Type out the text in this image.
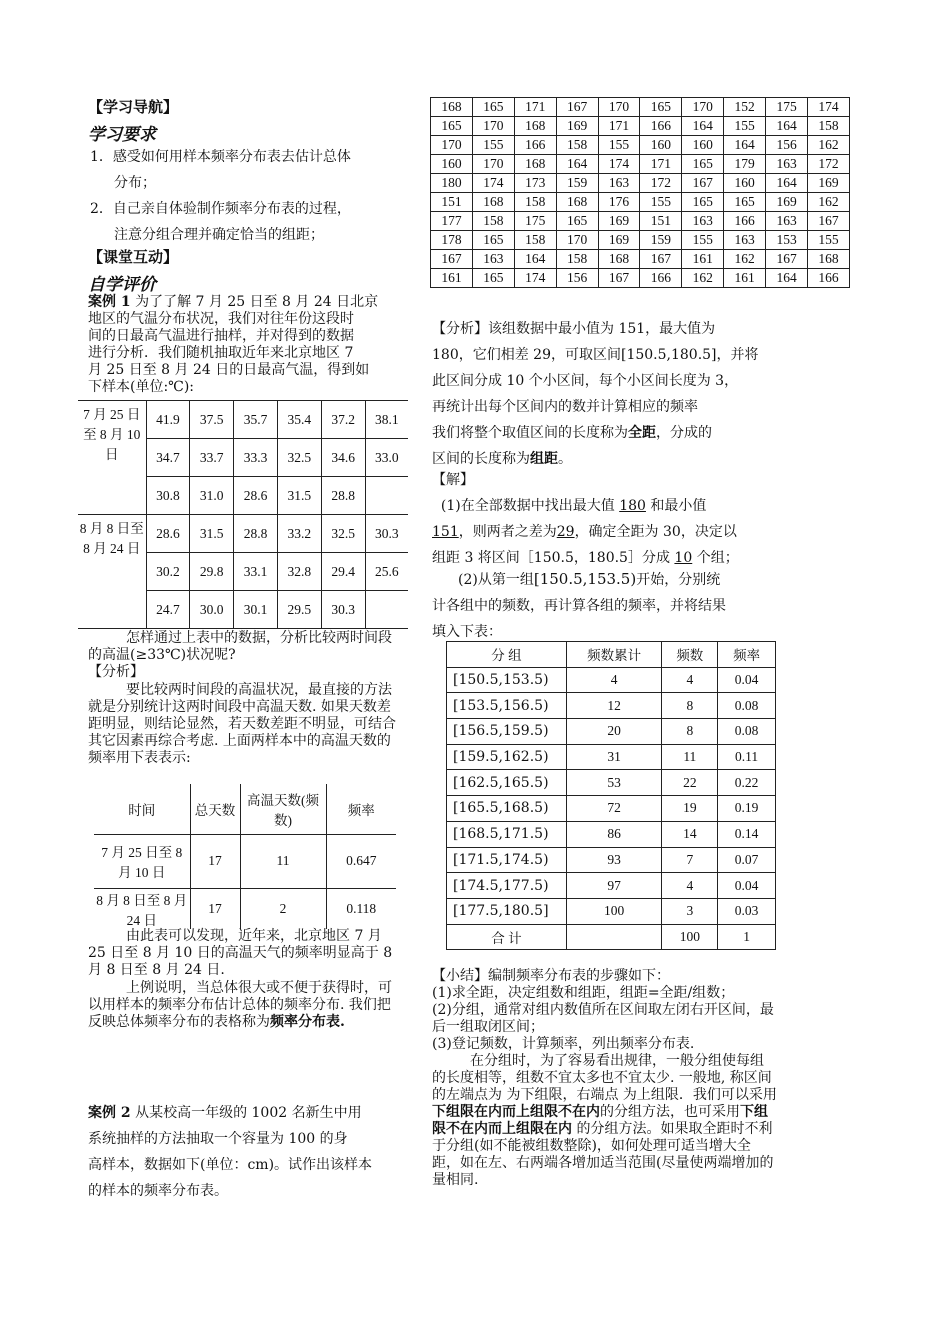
【学习导航】
学习要求
1．感受如何用样本频率分布表去估计总体
分布；
2．自己亲自体验制作频率分布表的过程，
注意分组合理并确定恰当的组距；
【课堂互动】
自学评价
案例 1 为了了解 7 月 25 日至 8 月 24 日北京
地区的气温分布状况，我们对往年份这段时
间的日最高气温进行抽样，并对得到的数据
进行分析．我们随机抽取近年来北京地区 7
月 25 日至 8 月 24 日的日最高气温，得到如
下样本(单位:℃):
7 月 25 日至 8 月 10 日	41.9	37.5	35.7	35.4	37.2	38.1
	34.7	33.7	33.3	32.5	34.6	33.0
	30.8	31.0	28.6	31.5	28.8	
8 月 8 日至 8 月 24 日	28.6	31.5	28.8	33.2	32.5	30.3
	30.2	29.8	33.1	32.8	29.4	25.6
	24.7	30.0	30.1	29.5	30.3	
怎样通过上表中的数据，分析比较两时间段的高温(≥33℃)状况呢?
【分析】
要比较两时间段的高温状况，最直接的方法就是分别统计这两时间段中高温天数. 如果天数差距明显，则结论显然，若天数差距不明显，可结合其它因素再综合考虑. 上面两样本中的高温天数的频率用下表表示:
时间	总天数	高温天数(频数)	频率
7 月 25 日至 8 月 10 日	17	11	0.647
8 月 8 日至 8 月 24 日	17	2	0.118
由此表可以发现，近年来，北京地区 7 月 25 日至 8 月 10 日的高温天气的频率明显高于 8 月 8 日至 8 月 24 日.
上例说明，当总体很大或不便于获得时，可以用样本的频率分布估计总体的频率分布. 我们把反映总体频率分布的表格称为频率分布表.
案例 2 从某校高一年级的 1002 名新生中用
系统抽样的方法抽取一个容量为 100 的身
高样本，数据如下(单位：cm)。试作出该样本
的样本的频率分布表。
168	165	171	167	170	165	170	152	175	174
165	170	168	169	171	166	164	155	164	158
170	155	166	158	155	160	160	164	156	162
160	170	168	164	174	171	165	179	163	172
180	174	173	159	163	172	167	160	164	169
151	168	158	168	176	155	165	165	169	162
177	158	175	165	169	151	163	166	163	167
178	165	158	170	169	159	155	163	153	155
167	163	164	158	168	167	161	162	167	168
161	165	174	156	167	166	162	161	164	166
【分析】该组数据中最小值为 151，最大值为
180，它们相差 29，可取区间[150.5,180.5]，并将
此区间分成 10 个小区间，每个小区间长度为 3，
再统计出每个区间内的数并计算相应的频率
我们将整个取值区间的长度称为全距，分成的
区间的长度称为组距。
【解】
(1)在全部数据中找出最大值 180 和最小值
151，则两者之差为29，确定全距为 30，决定以
组距 3 将区间［150.5，180.5］分成 10 个组；
(2)从第一组[150.5,153.5)开始，分别统
计各组中的频数，再计算各组的频率，并将结果
填入下表：
分 组	频数累计	频数	频率
[150.5,153.5)	4	4	0.04
[153.5,156.5)	12	8	0.08
[156.5,159.5)	20	8	0.08
[159.5,162.5)	31	11	0.11
[162.5,165.5)	53	22	0.22
[165.5,168.5)	72	19	0.19
[168.5,171.5)	86	14	0.14
[171.5,174.5)	93	7	0.07
[174.5,177.5)	97	4	0.04
[177.5,180.5]	100	3	0.03
合 计		100	1
【小结】编制频率分布表的步骤如下：
(1)求全距，决定组数和组距，组距=全距/组数；
(2)分组，通常对组内数值所在区间取左闭右开区间，最后一组取闭区间；
(3)登记频数，计算频率，列出频率分布表.
在分组时，为了容易看出规律，一般分组使每组的长度相等，组数不宜太多也不宜太少. 一般地, 称区间的左端点为 为下组限，右端点 为上组限．我们可以采用下组限在内而上组限不在内的分组方法，也可采用下组限不在内而上组限在内 的分组方法。如果取全距时不利于分组(如不能被组数整除)，如何处理可适当增大全距，如在左、右两端各增加适当范围(尽量使两端增加的量相同.
